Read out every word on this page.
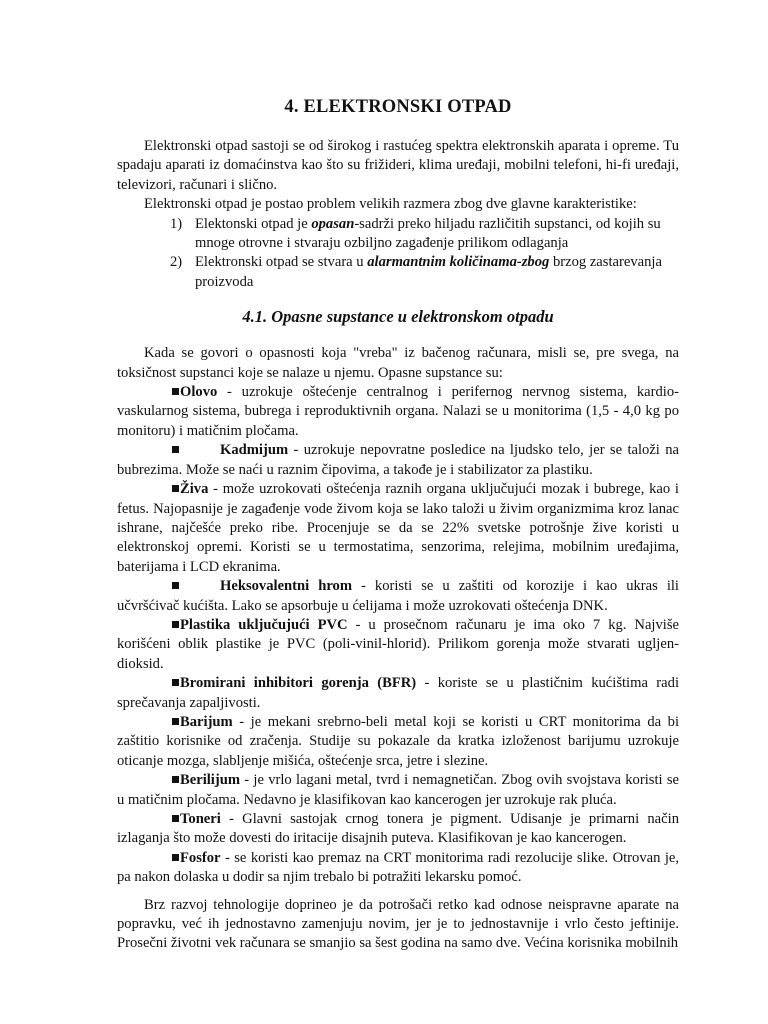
4. ELEKTRONSKI OTPAD

Elektronski otpad sastoji se od širokog i rastućeg spektra elektronskih aparata i opreme. Tu spadaju aparati iz domaćinstva kao što su frižideri, klima uređaji, mobilni telefoni, hi-fi uređaji, televizori, računari i slično.

Elektronski otpad je postao problem velikih razmera zbog dve glavne karakteristike:

1) Elektonski otpad je opasan-sadrži preko hiljadu različitih supstanci, od kojih su mnoge otrovne i stvaraju ozbiljno zagađenje prilikom odlaganja
2) Elektronski otpad se stvara u alarmantnim količinama-zbog brzog zastarevanja proizvoda
4.1. Opasne supstance u elektronskom otpadu

Kada se govori o opasnosti koja "vreba" iz bačenog računara, misli se, pre svega, na toksičnost supstanci koje se nalaze u njemu. Opasne supstance su:

Olovo - uzrokuje oštećenje centralnog i perifernog nervnog sistema, kardio-vaskularnog sistema, bubrega i reproduktivnih organa. Nalazi se u monitorima (1,5 - 4,0 kg po monitoru) i matičnim pločama.

Kadmijum - uzrokuje nepovratne posledice na ljudsko telo, jer se taloži na bubrezima. Može se naći u raznim čipovima, a takođe je i stabilizator za plastiku.

Živa - može uzrokovati oštećenja raznih organa uključujući mozak i bubrege, kao i fetus. Najopasnije je zagađenje vode živom koja se lako taloži u živim organizmima kroz lanac ishrane, najčešće preko ribe. Procenjuje se da se 22% svetske potrošnje žive koristi u elektronskoj opremi. Koristi se u termostatima, senzorima, relejima, mobilnim uređajima, baterijama i LCD ekranima.

Heksovalentni hrom - koristi se u zaštiti od korozije i kao ukras ili učvršćivač kućišta. Lako se apsorbuje u ćelijama i može uzrokovati oštećenja DNK.

Plastika uključujući PVC - u prosečnom računaru je ima oko 7 kg. Najviše korišćeni oblik plastike je PVC (poli-vinil-hlorid). Prilikom gorenja može stvarati ugljen-dioksid.

Bromirani inhibitori gorenja (BFR) - koriste se u plastičnim kućištima radi sprečavanja zapaljivosti.

Barijum - je mekani srebrno-beli metal koji se koristi u CRT monitorima da bi zaštitio korisnike od zračenja. Studije su pokazale da kratka izloženost barijumu uzrokuje oticanje mozga, slabljenje mišića, oštećenje srca, jetre i slezine.

Berilijum - je vrlo lagani metal, tvrd i nemagnetičan. Zbog ovih svojstava koristi se u matičnim pločama. Nedavno je klasifikovan kao kancerogen jer uzrokuje rak pluća.

Toneri - Glavni sastojak crnog tonera je pigment. Udisanje je primarni način izlaganja što može dovesti do iritacije disajnih puteva. Klasifikovan je kao kancerogen.

Fosfor - se koristi kao premaz na CRT monitorima radi rezolucije slike. Otrovan je, pa nakon dolaska u dodir sa njim trebalo bi potražiti lekarsku pomoć.

Brz razvoj tehnologije doprineo je da potrošači retko kad odnose neispravne aparate na popravku, već ih jednostavno zamenjuju novim, jer je to jednostavnije i vrlo često jeftinije. Prosečni životni vek računara se smanjio sa šest godina na samo dve. Većina korisnika mobilnih
